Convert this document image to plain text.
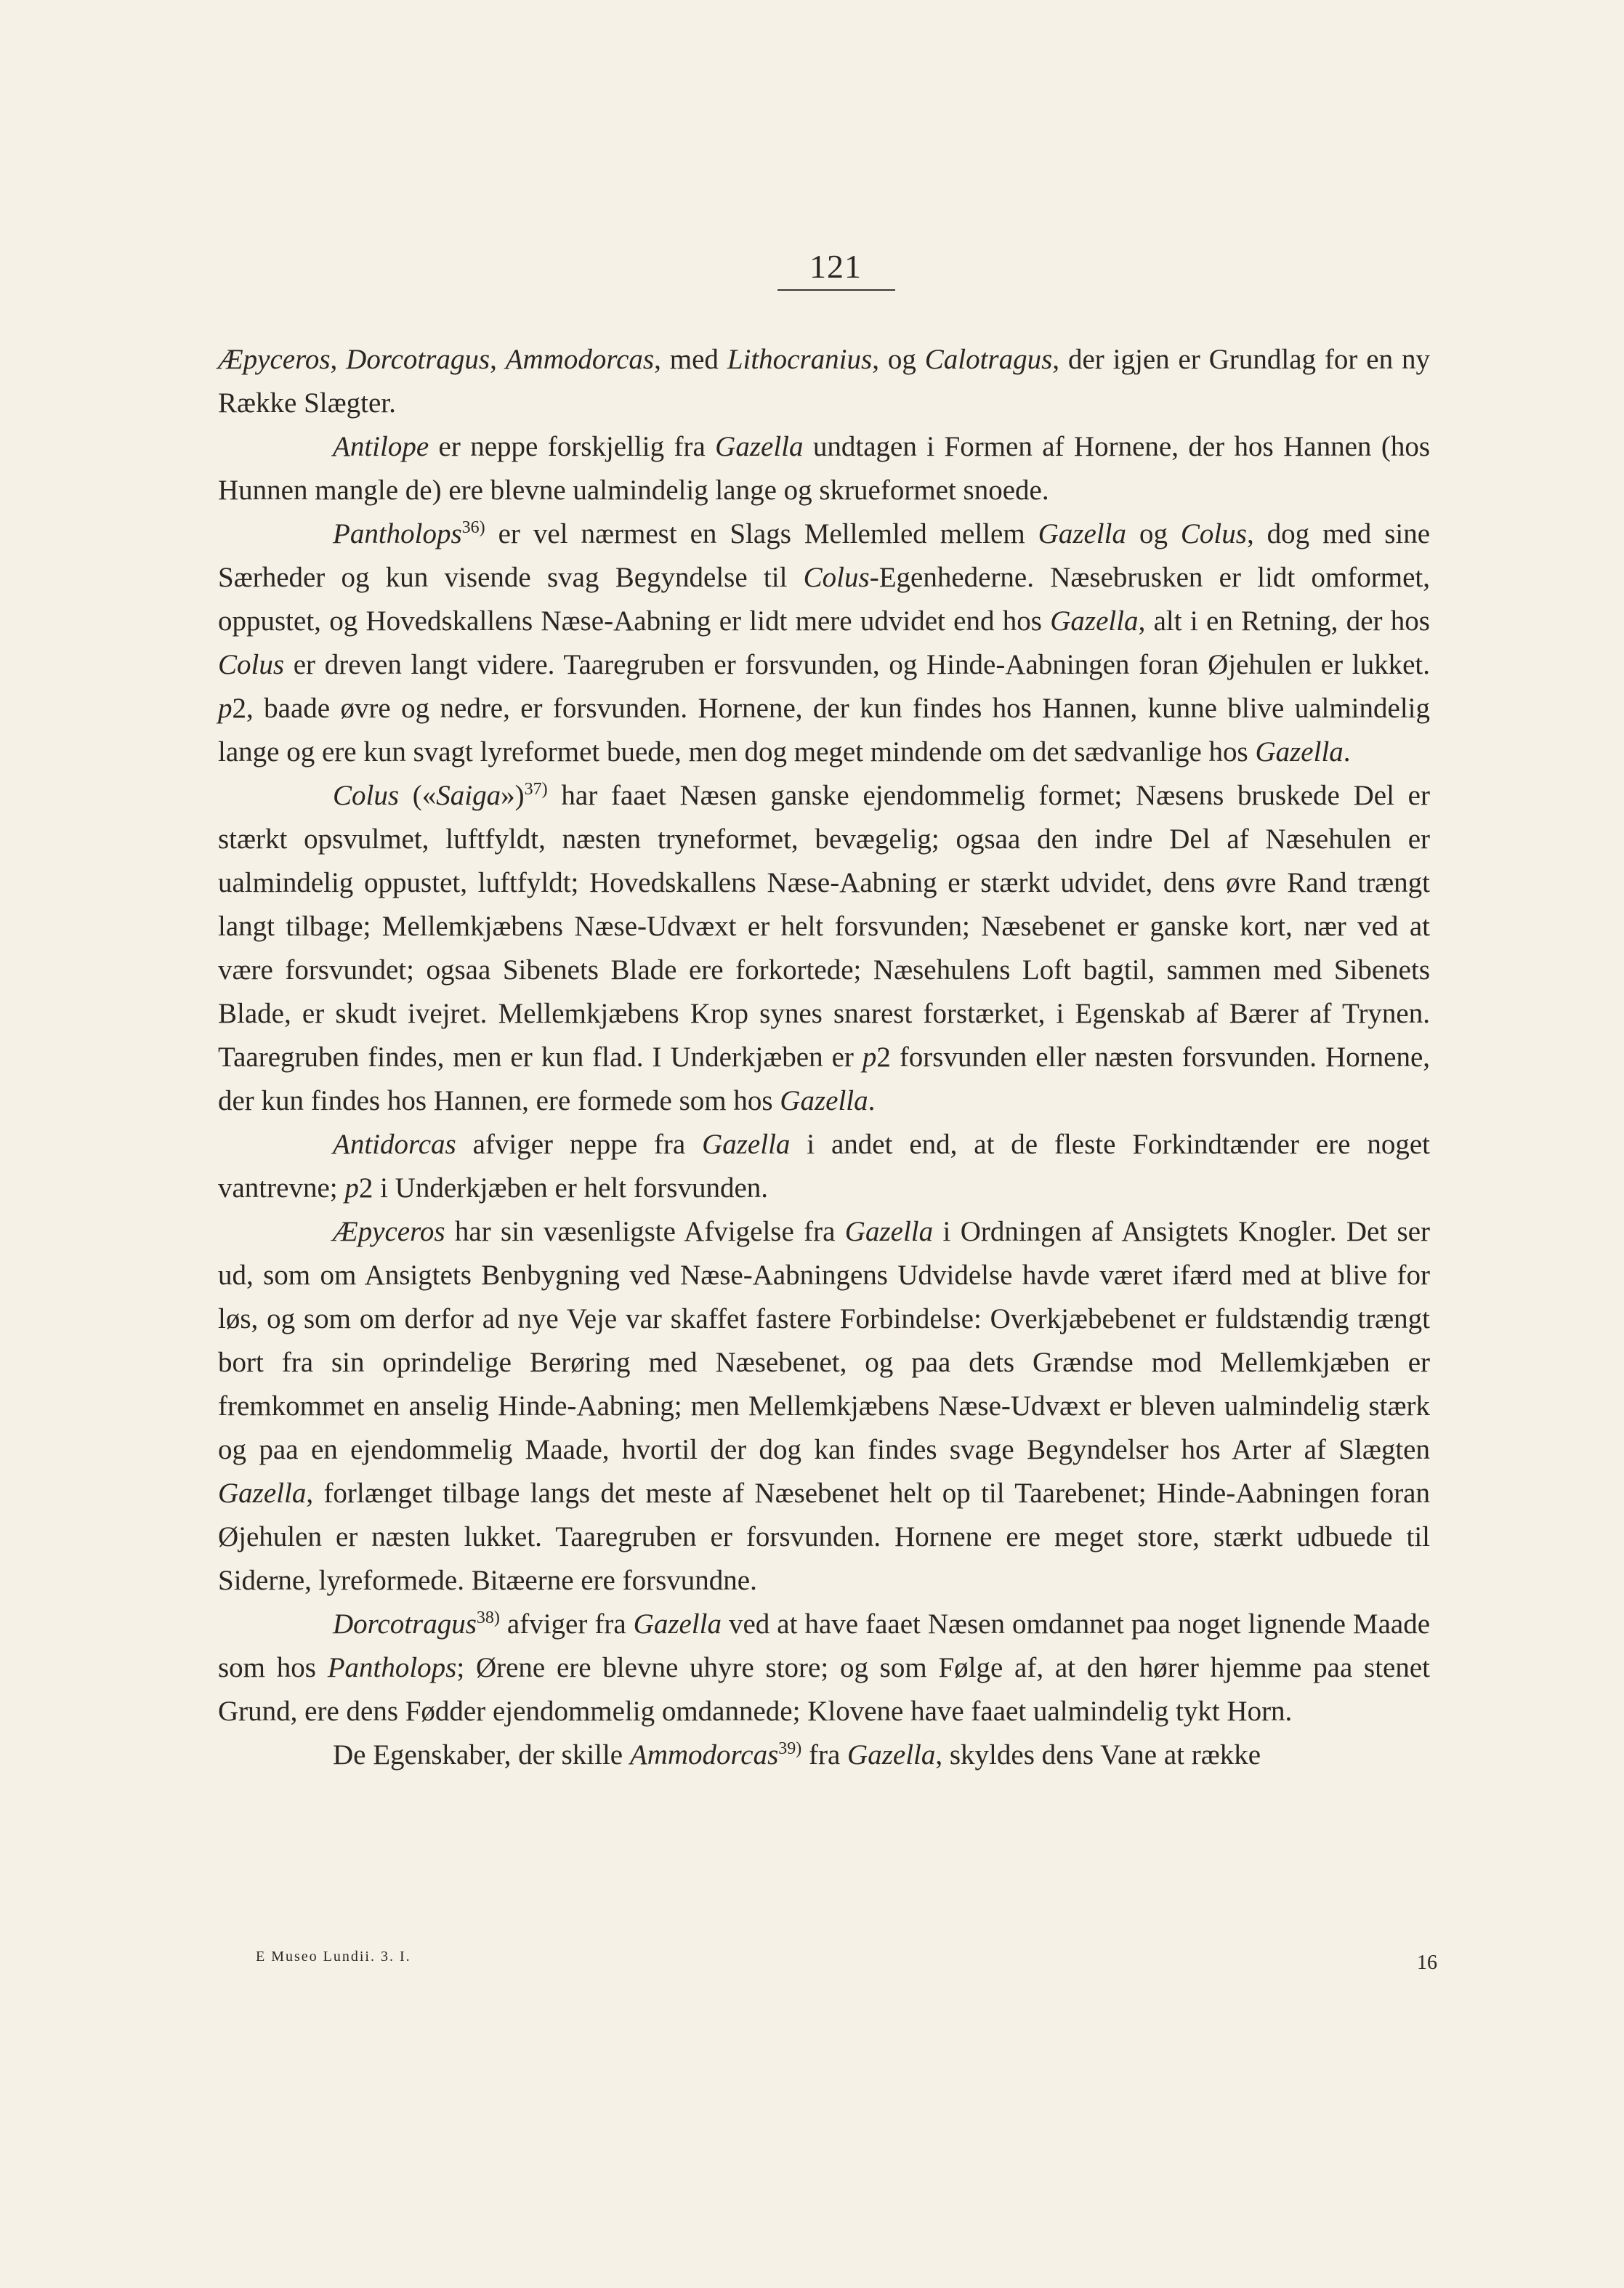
121

Æpyceros, Dorcotragus, Ammodorcas, med Lithocranius, og Calotragus, der igjen er Grundlag for en ny Række Slægter.

Antilope er neppe forskjellig fra Gazella undtagen i Formen af Hornene, der hos Hannen (hos Hunnen mangle de) ere blevne ualmindelig lange og skrueformet snoede.

Pantholops$^{36)}$ er vel nærmest en Slags Mellemled mellem Gazella og Colus, dog med sine Særheder og kun visende svag Begyndelse til Colus-Egenhederne. Næsebrusken er lidt omformet, oppustet, og Hovedskallens Næse-Aabning er lidt mere udvidet end hos Gazella, alt i en Retning, der hos Colus er dreven langt videre. Taaregruben er forsvunden, og Hinde-Aabningen foran Øjehulen er lukket. p2, baade øvre og nedre, er forsvunden. Hornene, der kun findes hos Hannen, kunne blive ualmindelig lange og ere kun svagt lyreformet buede, men dog meget mindende om det sædvanlige hos Gazella.

Colus («Saiga»)$^{37)}$ har faaet Næsen ganske ejendommelig formet; Næsens bruskede Del er stærkt opsvulmet, luftfyldt, næsten tryneformet, bevægelig; ogsaa den indre Del af Næsehulen er ualmindelig oppustet, luftfyldt; Hovedskallens Næse-Aabning er stærkt udvidet, dens øvre Rand trængt langt tilbage; Mellemkjæbens Næse-Udvæxt er helt forsvunden; Næsebenet er ganske kort, nær ved at være forsvundet; ogsaa Sibenets Blade ere forkortede; Næsehulens Loft bagtil, sammen med Sibenets Blade, er skudt ivejret. Mellemkjæbens Krop synes snarest forstærket, i Egenskab af Bærer af Trynen. Taaregruben findes, men er kun flad. I Underkjæben er p2 forsvunden eller næsten forsvunden. Hornene, der kun findes hos Hannen, ere formede som hos Gazella.

Antidorcas afviger neppe fra Gazella i andet end, at de fleste Forkindtænder ere noget vantrevne; p2 i Underkjæben er helt forsvunden.

Æpyceros har sin væsenligste Afvigelse fra Gazella i Ordningen af Ansigtets Knogler. Det ser ud, som om Ansigtets Benbygning ved Næse-Aabningens Udvidelse havde været ifærd med at blive for løs, og som om derfor ad nye Veje var skaffet fastere Forbindelse: Overkjæbebenet er fuldstændig trængt bort fra sin oprindelige Berøring med Næsebenet, og paa dets Grændse mod Mellemkjæben er fremkommet en anselig Hinde-Aabning; men Mellemkjæbens Næse-Udvæxt er bleven ualmindelig stærk og paa en ejendommelig Maade, hvortil der dog kan findes svage Begyndelser hos Arter af Slægten Gazella, forlænget tilbage langs det meste af Næsebenet helt op til Taarebenet; Hinde-Aabningen foran Øjehulen er næsten lukket. Taaregruben er forsvunden. Hornene ere meget store, stærkt udbuede til Siderne, lyreformede. Bitæerne ere forsvundne.

Dorcotragus$^{38)}$ afviger fra Gazella ved at have faaet Næsen omdannet paa noget lignende Maade som hos Pantholops; Ørene ere blevne uhyre store; og som Følge af, at den hører hjemme paa stenet Grund, ere dens Fødder ejendommelig omdannede; Klovene have faaet ualmindelig tykt Horn.

De Egenskaber, der skille Ammodorcas$^{39)}$ fra Gazella, skyldes dens Vane at række

E Museo Lundii. 3. I.	16
